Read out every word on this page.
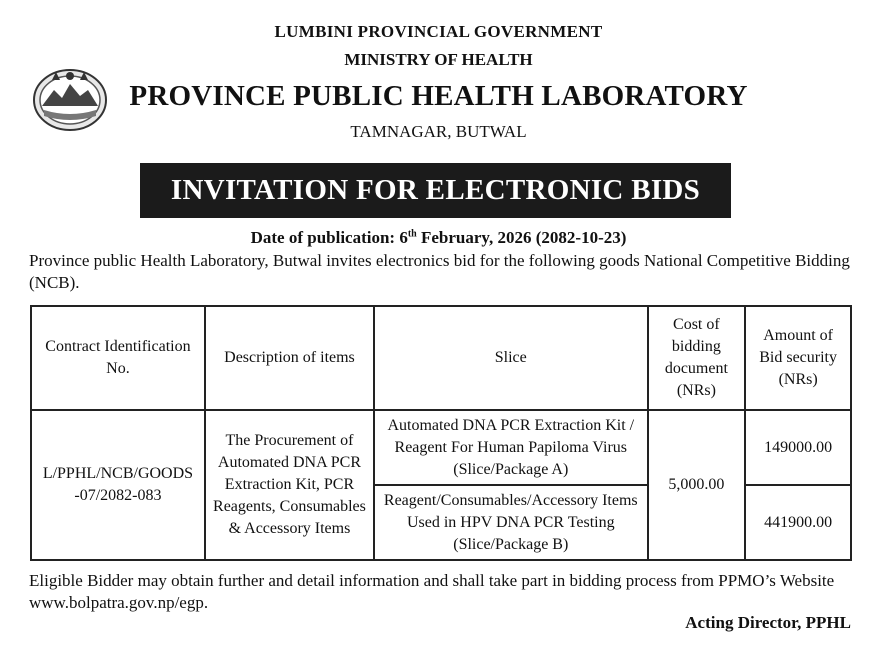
LUMBINI PROVINCIAL GOVERNMENT
MINISTRY OF HEALTH
PROVINCE PUBLIC HEALTH LABORATORY
TAMNAGAR, BUTWAL
INVITATION FOR ELECTRONIC BIDS
Date of publication: 6th February, 2026 (2082-10-23)
Province public Health Laboratory, Butwal invites electronics bid for the following goods National Competitive Bidding (NCB).
Contract Identification No.	Description of items	Slice	Cost of bidding document (NRs)	Amount of Bid security (NRs)
L/PPHL/NCB/GOODS -07/2082-083	The Procurement of Automated DNA PCR Extraction Kit, PCR Reagents, Consumables & Accessory Items	Automated DNA PCR Extraction Kit / Reagent For Human Papiloma Virus (Slice/Package A)	5,000.00	149000.00
		Reagent/Consumables/Accessory Items Used in HPV DNA PCR Testing (Slice/Package B)		441900.00
Eligible Bidder may obtain further and detail information and shall take part in bidding process from PPMO’s Website www.bolpatra.gov.np/egp.
Acting Director, PPHL
